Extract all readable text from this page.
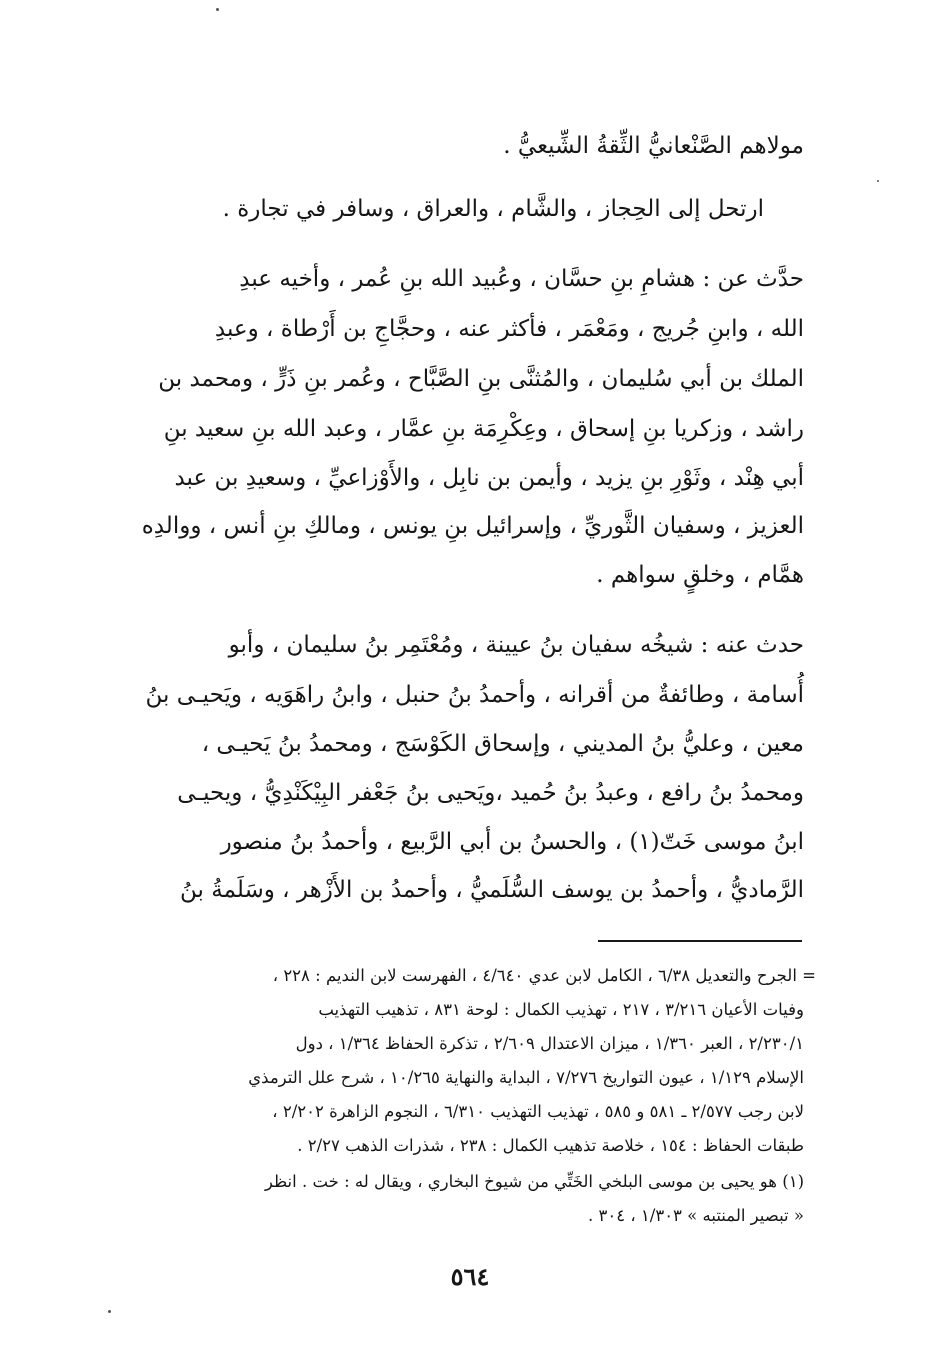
مولاهم الصَّنْعانيُّ الثِّقةُ الشِّيعيُّ .
ارتحل إلى الحِجاز ، والشَّام ، والعراق ، وسافر في تجارة .
حدَّث عن : هشامِ بنِ حسَّان ، وعُبيد الله بنِ عُمر ، وأخيه عبدِ
الله ، وابنِ جُريج ، ومَعْمَر ، فأكثر عنه ، وحجَّاجِ بن أَرْطاة ، وعبدِ
الملك بن أبي سُليمان ، والمُثنَّى بنِ الصَّبَّاح ، وعُمر بنِ ذَرٍّ ، ومحمد بن
راشد ، وزكريا بنِ إسحاق ، وعِكْرِمَة بنِ عمَّار ، وعبد الله بنِ سعيد بنِ
أبي هِنْد ، وثَوْرِ بنِ يزيد ، وأيمن بن نابِل ، والأَوْزاعيِّ ، وسعيدِ بن عبد
العزيز ، وسفيان الثَّوريِّ ، وإسرائيل بنِ يونس ، ومالكِ بنِ أنس ، ووالدِه
همَّام ، وخلقٍ سواهم .
حدث عنه : شيخُه سفيان بنُ عيينة ، ومُعْتَمِر بنُ سليمان ، وأبو
أُسامة ، وطائفةٌ من أقرانه ، وأحمدُ بنُ حنبل ، وابنُ راهَوَيه ، ويَحيـى بنُ
معين ، وعليُّ بنُ المديني ، وإسحاق الكَوْسَج ، ومحمدُ بنُ يَحيـى ،
ومحمدُ بنُ رافع ، وعبدُ بنُ حُميد ،ويَحيى بنُ جَعْفر البِيْكَنْدِيُّ ، ويحيـى
ابنُ موسى خَتّ(١) ، والحسنُ بن أبي الرَّبيع ، وأحمدُ بنُ منصور
الرَّماديُّ ، وأحمدُ بن يوسف السُّلَميُّ ، وأحمدُ بن الأَزْهر ، وسَلَمةُ بنُ
= الجرح والتعديل ٦/٣٨ ، الكامل لابن عدي ٤/٦٤٠ ، الفهرست لابن النديم : ٢٢٨ ،
وفيات الأعيان ٣/٢١٦ ، ٢١٧ ، تهذيب الكمال : لوحة ٨٣١ ، تذهيب التهذيب
٢/٢٣٠/١ ، العبر ١/٣٦٠ ، ميزان الاعتدال ٢/٦٠٩ ، تذكرة الحفاظ ١/٣٦٤ ، دول
الإسلام ١/١٢٩ ، عيون التواريخ ٧/٢٧٦ ، البداية والنهاية ١٠/٢٦٥ ، شرح علل الترمذي
لابن رجب ٢/٥٧٧ ـ ٥٨١ و ٥٨٥ ، تهذيب التهذيب ٦/٣١٠ ، النجوم الزاهرة ٢/٢٠٢ ،
طبقات الحفاظ : ١٥٤ ، خلاصة تذهيب الكمال : ٢٣٨ ، شذرات الذهب ٢/٢٧ .
(١) هو يحيى بن موسى البلخي الخَتِّي من شيوخ البخاري ، ويقال له : خت . انظر
« تبصير المنتبه » ١/٣٠٣ ، ٣٠٤ .
٥٦٤
